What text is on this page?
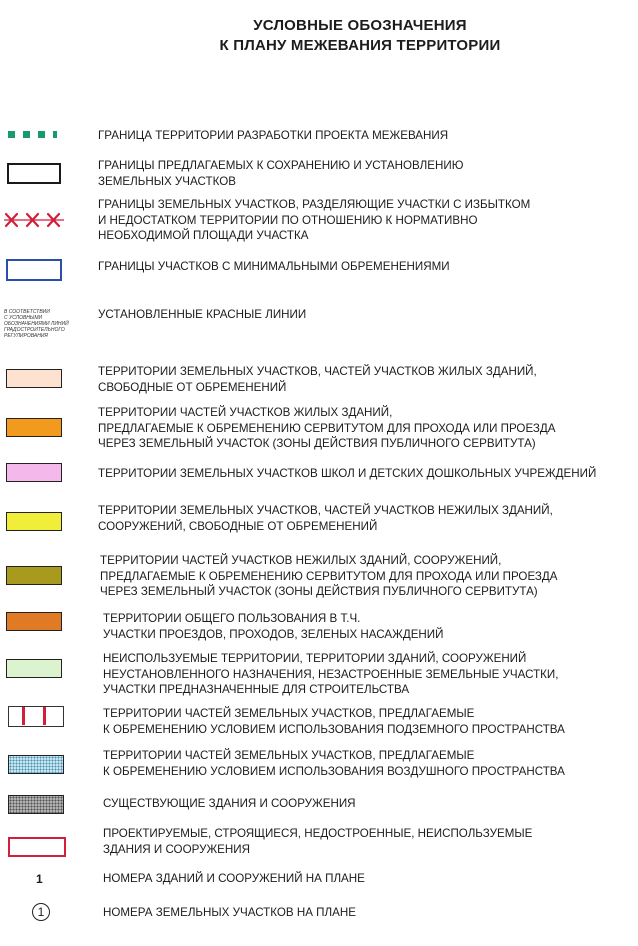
УСЛОВНЫЕ ОБОЗНАЧЕНИЯ
К ПЛАНУ МЕЖЕВАНИЯ ТЕРРИТОРИИ
ГРАНИЦА ТЕРРИТОРИИ РАЗРАБОТКИ ПРОЕКТА МЕЖЕВАНИЯ
ГРАНИЦЫ ПРЕДЛАГАЕМЫХ К СОХРАНЕНИЮ И УСТАНОВЛЕНИЮ
ЗЕМЕЛЬНЫХ УЧАСТКОВ
ГРАНИЦЫ ЗЕМЕЛЬНЫХ УЧАСТКОВ, РАЗДЕЛЯЮЩИЕ УЧАСТКИ С ИЗБЫТКОМ
И НЕДОСТАТКОМ ТЕРРИТОРИИ ПО ОТНОШЕНИЮ К НОРМАТИВНО
НЕОБХОДИМОЙ ПЛОЩАДИ УЧАСТКА
ГРАНИЦЫ УЧАСТКОВ С МИНИМАЛЬНЫМИ ОБРЕМЕНЕНИЯМИ
В СООТВЕТСТВИИ
С УСЛОВНЫМИ
ОБОЗНАЧЕНИЯМИ ЛИНИЙ
ГРАДОСТРОИТЕЛЬНОГО
РЕГУЛИРОВАНИЯ
УСТАНОВЛЕННЫЕ КРАСНЫЕ ЛИНИИ
ТЕРРИТОРИИ ЗЕМЕЛЬНЫХ УЧАСТКОВ, ЧАСТЕЙ УЧАСТКОВ ЖИЛЫХ ЗДАНИЙ,
СВОБОДНЫЕ ОТ ОБРЕМЕНЕНИЙ
ТЕРРИТОРИИ ЧАСТЕЙ УЧАСТКОВ ЖИЛЫХ ЗДАНИЙ,
ПРЕДЛАГАЕМЫЕ К ОБРЕМЕНЕНИЮ СЕРВИТУТОМ ДЛЯ ПРОХОДА ИЛИ ПРОЕЗДА
ЧЕРЕЗ ЗЕМЕЛЬНЫЙ УЧАСТОК (ЗОНЫ ДЕЙСТВИЯ ПУБЛИЧНОГО СЕРВИТУТА)
ТЕРРИТОРИИ ЗЕМЕЛЬНЫХ УЧАСТКОВ ШКОЛ И ДЕТСКИХ ДОШКОЛЬНЫХ УЧРЕЖДЕНИЙ
ТЕРРИТОРИИ ЗЕМЕЛЬНЫХ УЧАСТКОВ, ЧАСТЕЙ УЧАСТКОВ НЕЖИЛЫХ ЗДАНИЙ,
СООРУЖЕНИЙ, СВОБОДНЫЕ ОТ ОБРЕМЕНЕНИЙ
ТЕРРИТОРИИ ЧАСТЕЙ УЧАСТКОВ НЕЖИЛЫХ ЗДАНИЙ, СООРУЖЕНИЙ,
ПРЕДЛАГАЕМЫЕ К ОБРЕМЕНЕНИЮ СЕРВИТУТОМ ДЛЯ ПРОХОДА ИЛИ ПРОЕЗДА
ЧЕРЕЗ ЗЕМЕЛЬНЫЙ УЧАСТОК (ЗОНЫ ДЕЙСТВИЯ ПУБЛИЧНОГО СЕРВИТУТА)
ТЕРРИТОРИИ ОБЩЕГО ПОЛЬЗОВАНИЯ В Т.Ч.
УЧАСТКИ ПРОЕЗДОВ, ПРОХОДОВ, ЗЕЛЕНЫХ НАСАЖДЕНИЙ
НЕИСПОЛЬЗУЕМЫЕ ТЕРРИТОРИИ, ТЕРРИТОРИИ ЗДАНИЙ, СООРУЖЕНИЙ
НЕУСТАНОВЛЕННОГО НАЗНАЧЕНИЯ, НЕЗАСТРОЕННЫЕ ЗЕМЕЛЬНЫЕ УЧАСТКИ,
УЧАСТКИ ПРЕДНАЗНАЧЕННЫЕ ДЛЯ СТРОИТЕЛЬСТВА
ТЕРРИТОРИИ ЧАСТЕЙ ЗЕМЕЛЬНЫХ УЧАСТКОВ, ПРЕДЛАГАЕМЫЕ
К ОБРЕМЕНЕНИЮ УСЛОВИЕМ ИСПОЛЬЗОВАНИЯ ПОДЗЕМНОГО ПРОСТРАНСТВА
ТЕРРИТОРИИ ЧАСТЕЙ ЗЕМЕЛЬНЫХ УЧАСТКОВ, ПРЕДЛАГАЕМЫЕ
К ОБРЕМЕНЕНИЮ УСЛОВИЕМ ИСПОЛЬЗОВАНИЯ ВОЗДУШНОГО ПРОСТРАНСТВА
СУЩЕСТВУЮЩИЕ ЗДАНИЯ И СООРУЖЕНИЯ
ПРОЕКТИРУЕМЫЕ, СТРОЯЩИЕСЯ, НЕДОСТРОЕННЫЕ, НЕИСПОЛЬЗУЕМЫЕ
ЗДАНИЯ И СООРУЖЕНИЯ
1	НОМЕРА ЗДАНИЙ И СООРУЖЕНИЙ НА ПЛАНЕ
1	НОМЕРА ЗЕМЕЛЬНЫХ УЧАСТКОВ НА ПЛАНЕ
